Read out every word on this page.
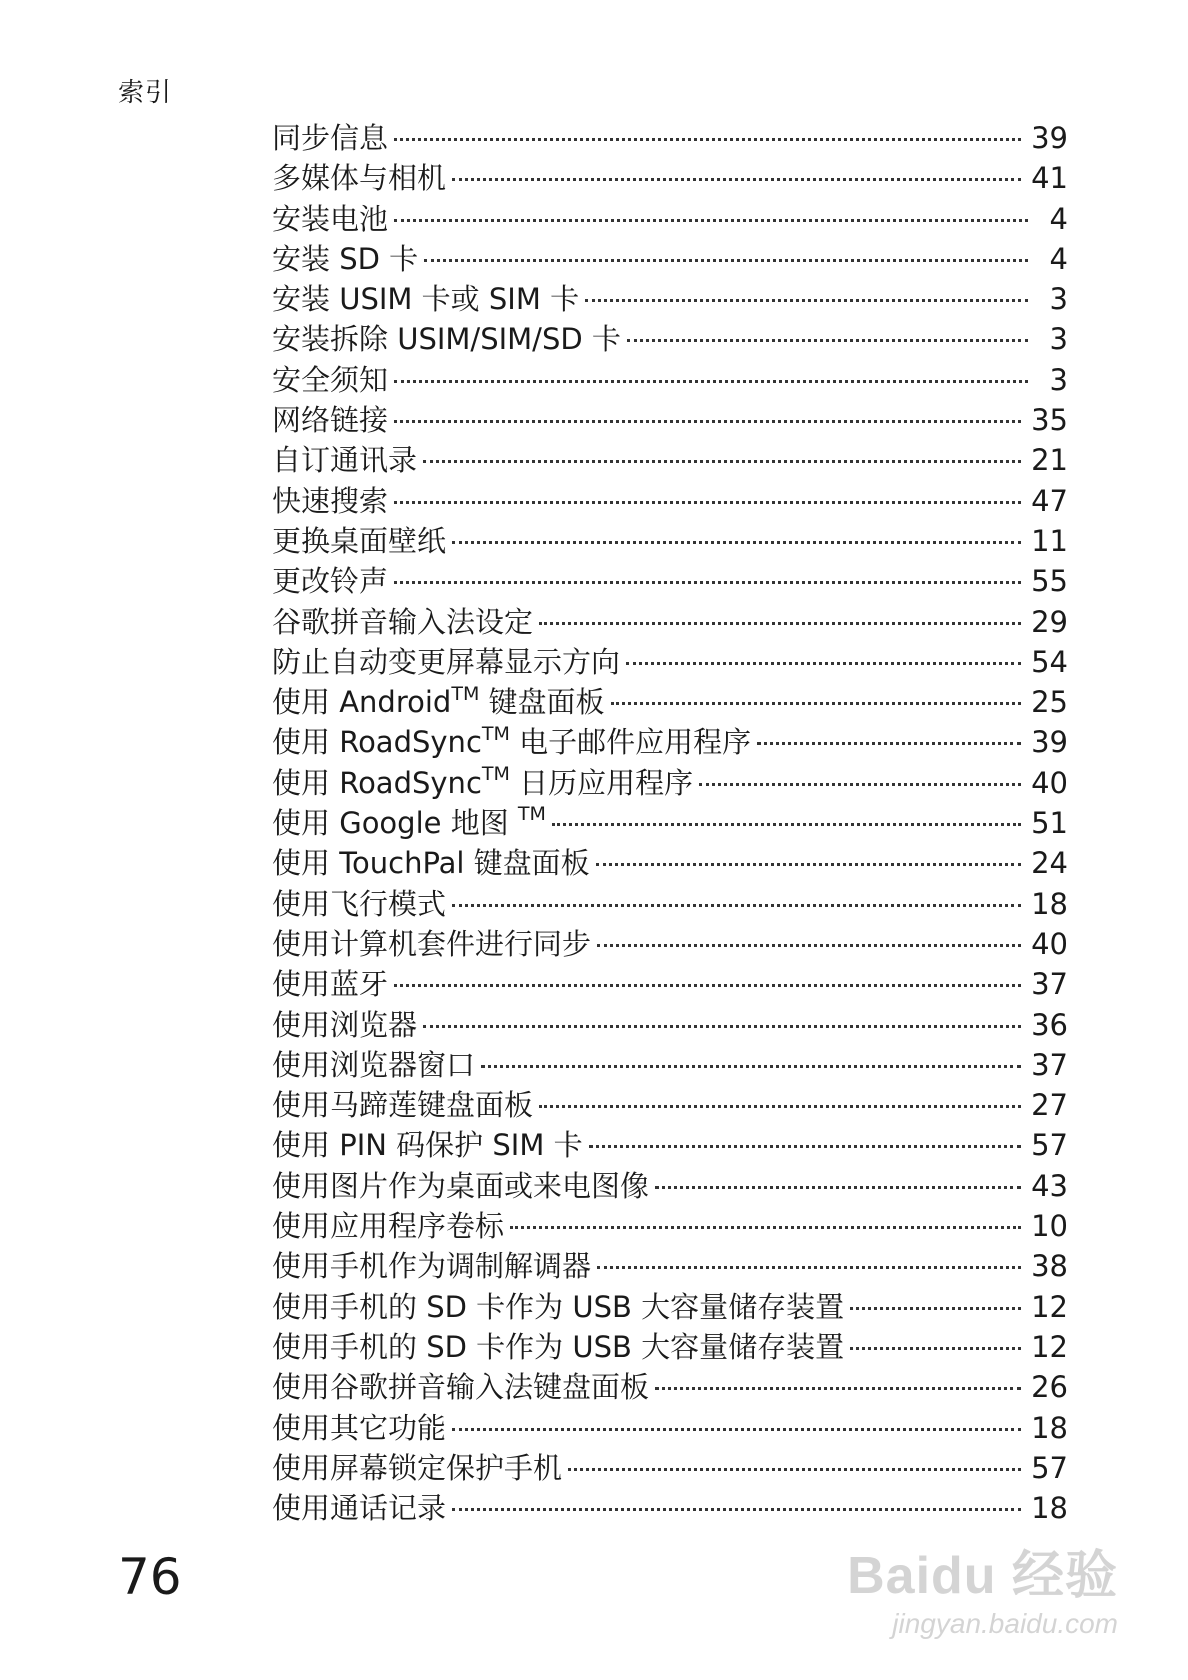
索引
同步信息	39
多媒体与相机	41
安装电池	4
安装 SD 卡	4
安装 USIM 卡或 SIM 卡	3
安装拆除 USIM/SIM/SD 卡	3
安全须知	3
网络链接	35
自订通讯录	21
快速搜索	47
更换桌面壁纸	11
更改铃声	55
谷歌拼音输入法设定	29
防止自动变更屏幕显示方向	54
使用 Android™ 键盘面板	25
使用 RoadSync™ 电子邮件应用程序	39
使用 RoadSync™ 日历应用程序	40
使用 Google 地图 ™	51
使用 TouchPal 键盘面板	24
使用飞行模式	18
使用计算机套件进行同步	40
使用蓝牙	37
使用浏览器	36
使用浏览器窗口	37
使用马蹄莲键盘面板	27
使用 PIN 码保护 SIM 卡	57
使用图片作为桌面或来电图像	43
使用应用程序卷标	10
使用手机作为调制解调器	38
使用手机的 SD 卡作为 USB 大容量储存装置	12
使用手机的 SD 卡作为 USB 大容量储存装置	12
使用谷歌拼音输入法键盘面板	26
使用其它功能	18
使用屏幕锁定保护手机	57
使用通话记录	18
76	Baidu 经验
jingyan.baidu.com
